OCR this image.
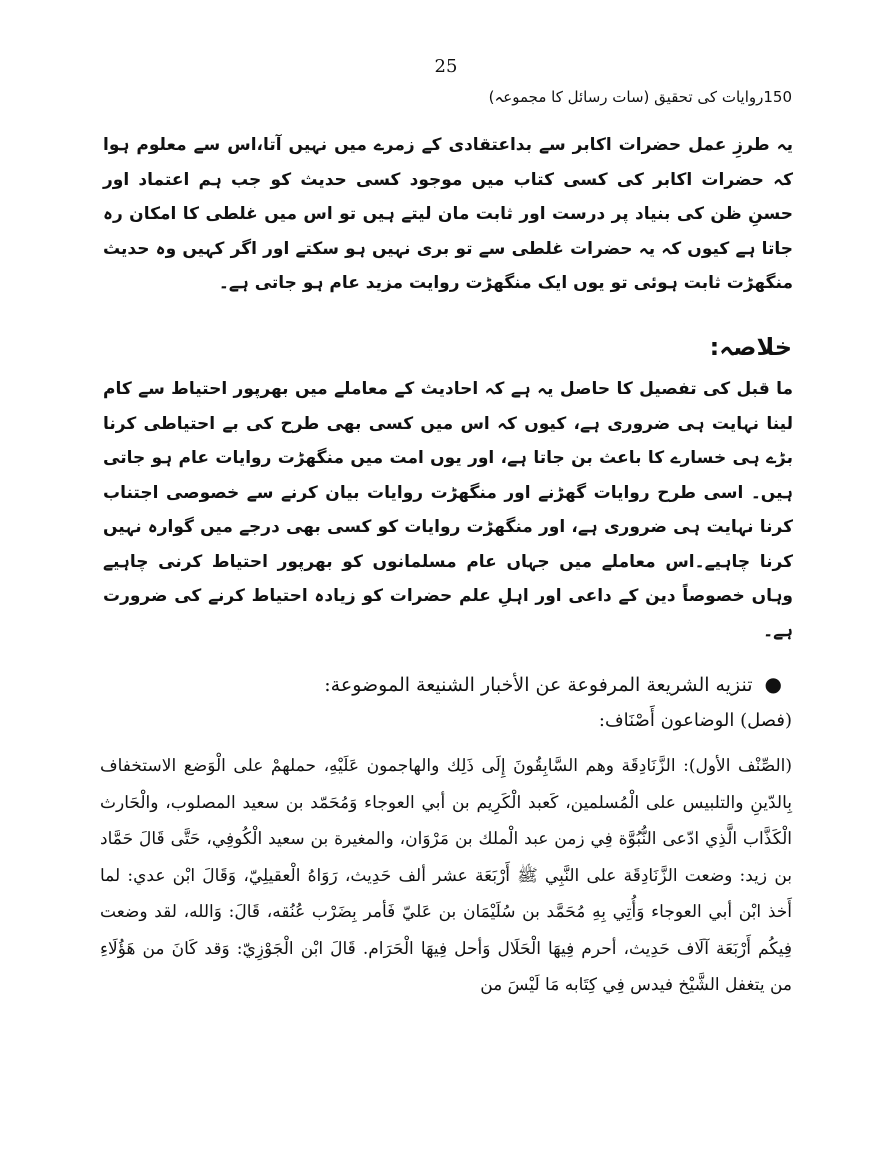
25
150روایات کی تحقیق (سات رسائل کا مجموعہ)
یہ طرزِ عمل حضرات اکابر سے بداعتقادی کے زمرے میں نہیں آتا،اس سے معلوم ہوا کہ حضرات اکابر کی کسی کتاب میں موجود کسی حدیث کو جب ہم اعتماد اور حسنِ ظن کی بنیاد پر درست اور ثابت مان لیتے ہیں تو اس میں غلطی کا امکان رہ جاتا ہے کیوں کہ یہ حضرات غلطی سے تو بری نہیں ہو سکتے اور اگر کہیں وہ حدیث منگھڑت ثابت ہوئی تو یوں ایک منگھڑت روایت مزید عام ہو جاتی ہے۔
خلاصہ:
ما قبل کی تفصیل کا حاصل یہ ہے کہ احادیث کے معاملے میں بھرپور احتیاط سے کام لینا نہایت ہی ضروری ہے، کیوں کہ اس میں کسی بھی طرح کی بے احتیاطی کرنا بڑے ہی خسارے کا باعث بن جاتا ہے، اور یوں امت میں منگھڑت روایات عام ہو جاتی ہیں۔ اسی طرح روایات گھڑنے اور منگھڑت روایات بیان کرنے سے خصوصی اجتناب کرنا نہایت ہی ضروری ہے، اور منگھڑت روایات کو کسی بھی درجے میں گوارہ نہیں کرنا چاہیے۔اس معاملے میں جہاں عام مسلمانوں کو بھرپور احتیاط کرنی چاہیے وہاں خصوصاً دین کے داعی اور اہلِ علم حضرات کو زیادہ احتیاط کرنے کی ضرورت ہے۔
●تنزيه الشريعة المرفوعة عن الأخبار الشنيعة الموضوعة:
(فصل) الوضاعون أَصْنَاف:
(الصِّنْف الأول): الزَّنَادِقَة وهم السَّابِقُونَ إِلَى ذَلِك والهاجمون عَلَيْهِ، حملهمْ على الْوَضع الاستخفاف بِالدّينِ والتلبيس على الْمُسلمين، كَعبد الْكَرِيم بن أبي العوجاء وَمُحَمّد بن سعيد المصلوب، والْحَارث الْكَذَّاب الَّذِي ادّعى النُّبُوَّة فِي زمن عبد الْملك بن مَرْوَان، والمغيرة بن سعيد الْكُوفِي، حَتَّى قَالَ حَمَّاد بن زيد: وضعت الزَّنَادِقَة على النَّبِي ﷺ أَرْبَعَة عشر ألف حَدِيث، رَوَاهُ الْعقيلِيّ، وَقَالَ ابْن عدي: لما أَخذ ابْن أبي العوجاء وَأُتِي بِهِ مُحَمَّد بن سُلَيْمَان بن عَليّ فَأمر بِضَرْب عُنُقه، قَالَ: وَالله، لقد وضعت فِيكُم أَرْبَعَة آلَاف حَدِيث، أحرم فِيهَا الْحَلَال وَأحل فِيهَا الْحَرَام. قَالَ ابْن الْجَوْزِيّ: وَقد كَانَ من هَؤُلَاءِ من يتغفل الشَّيْخ فيدس فِي كِتَابه مَا لَيْسَ من
